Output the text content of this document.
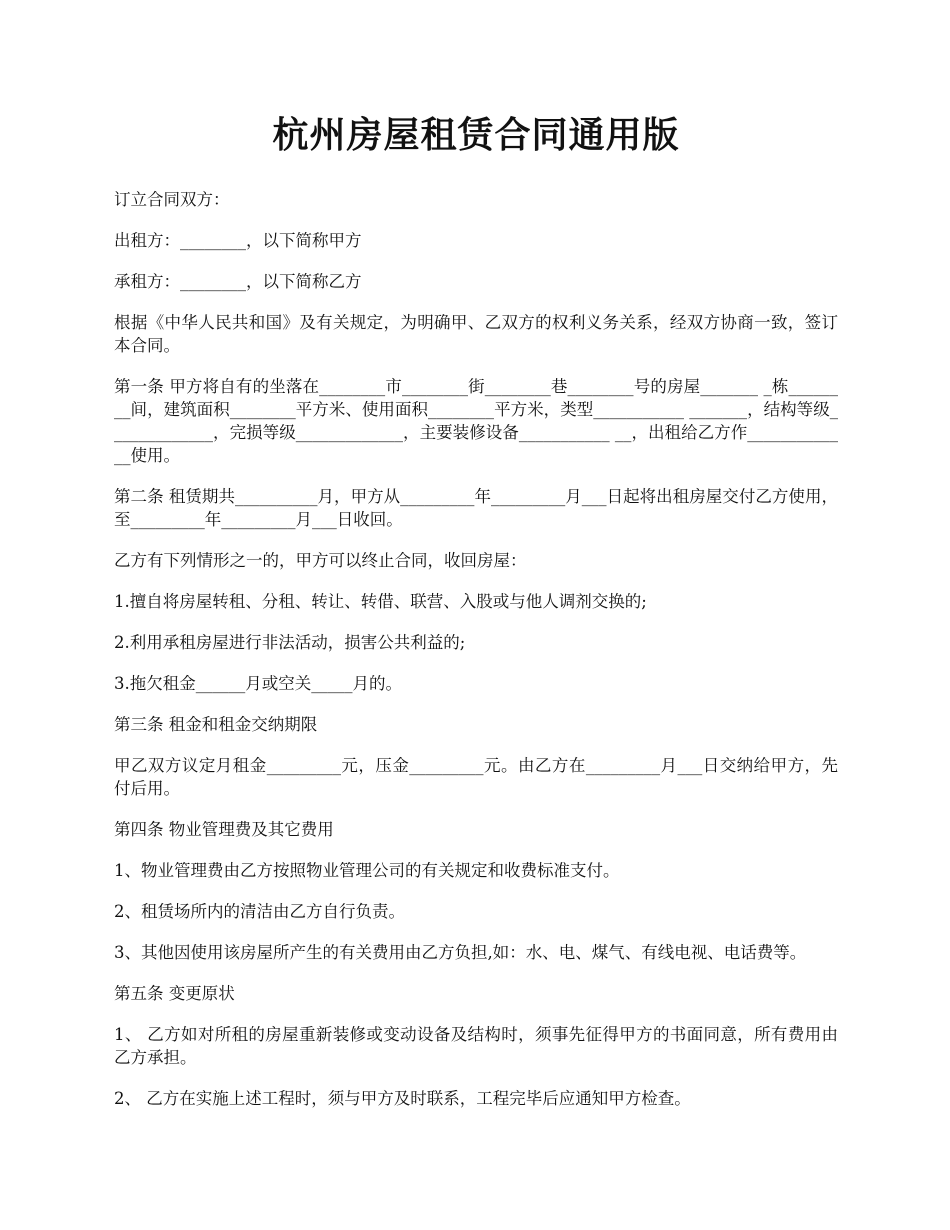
杭州房屋租赁合同通用版

订立合同双方：

出租方：________，以下简称甲方

承租方：________，以下简称乙方

根据《中华人民共和国》及有关规定，为明确甲、乙双方的权利义务关系，经双方协商一致，签订本合同。

第一条 甲方将自有的坐落在________市________街________巷________号的房屋_______ _栋________间，建筑面积________平方米、使用面积________平方米，类型___________ _______，结构等级_____________，完损等级_____________，主要装修设备___________ __，出租给乙方作_____________使用。

第二条 租赁期共__________月，甲方从_________年_________月___日起将出租房屋交付乙方使用，至_________年_________月___日收回。

乙方有下列情形之一的，甲方可以终止合同，收回房屋：

1.擅自将房屋转租、分租、转让、转借、联营、入股或与他人调剂交换的;

2.利用承租房屋进行非法活动，损害公共利益的;

3.拖欠租金______月或空关_____月的。

第三条 租金和租金交纳期限

甲乙双方议定月租金_________元，压金_________元。由乙方在_________月___日交纳给甲方，先付后用。

第四条 物业管理费及其它费用

1、物业管理费由乙方按照物业管理公司的有关规定和收费标准支付。

2、租赁场所内的清洁由乙方自行负责。

3、其他因使用该房屋所产生的有关费用由乙方负担,如：水、电、煤气、有线电视、电话费等。

第五条 变更原状

1、 乙方如对所租的房屋重新装修或变动设备及结构时，须事先征得甲方的书面同意，所有费用由乙方承担。

2、 乙方在实施上述工程时，须与甲方及时联系，工程完毕后应通知甲方检查。
